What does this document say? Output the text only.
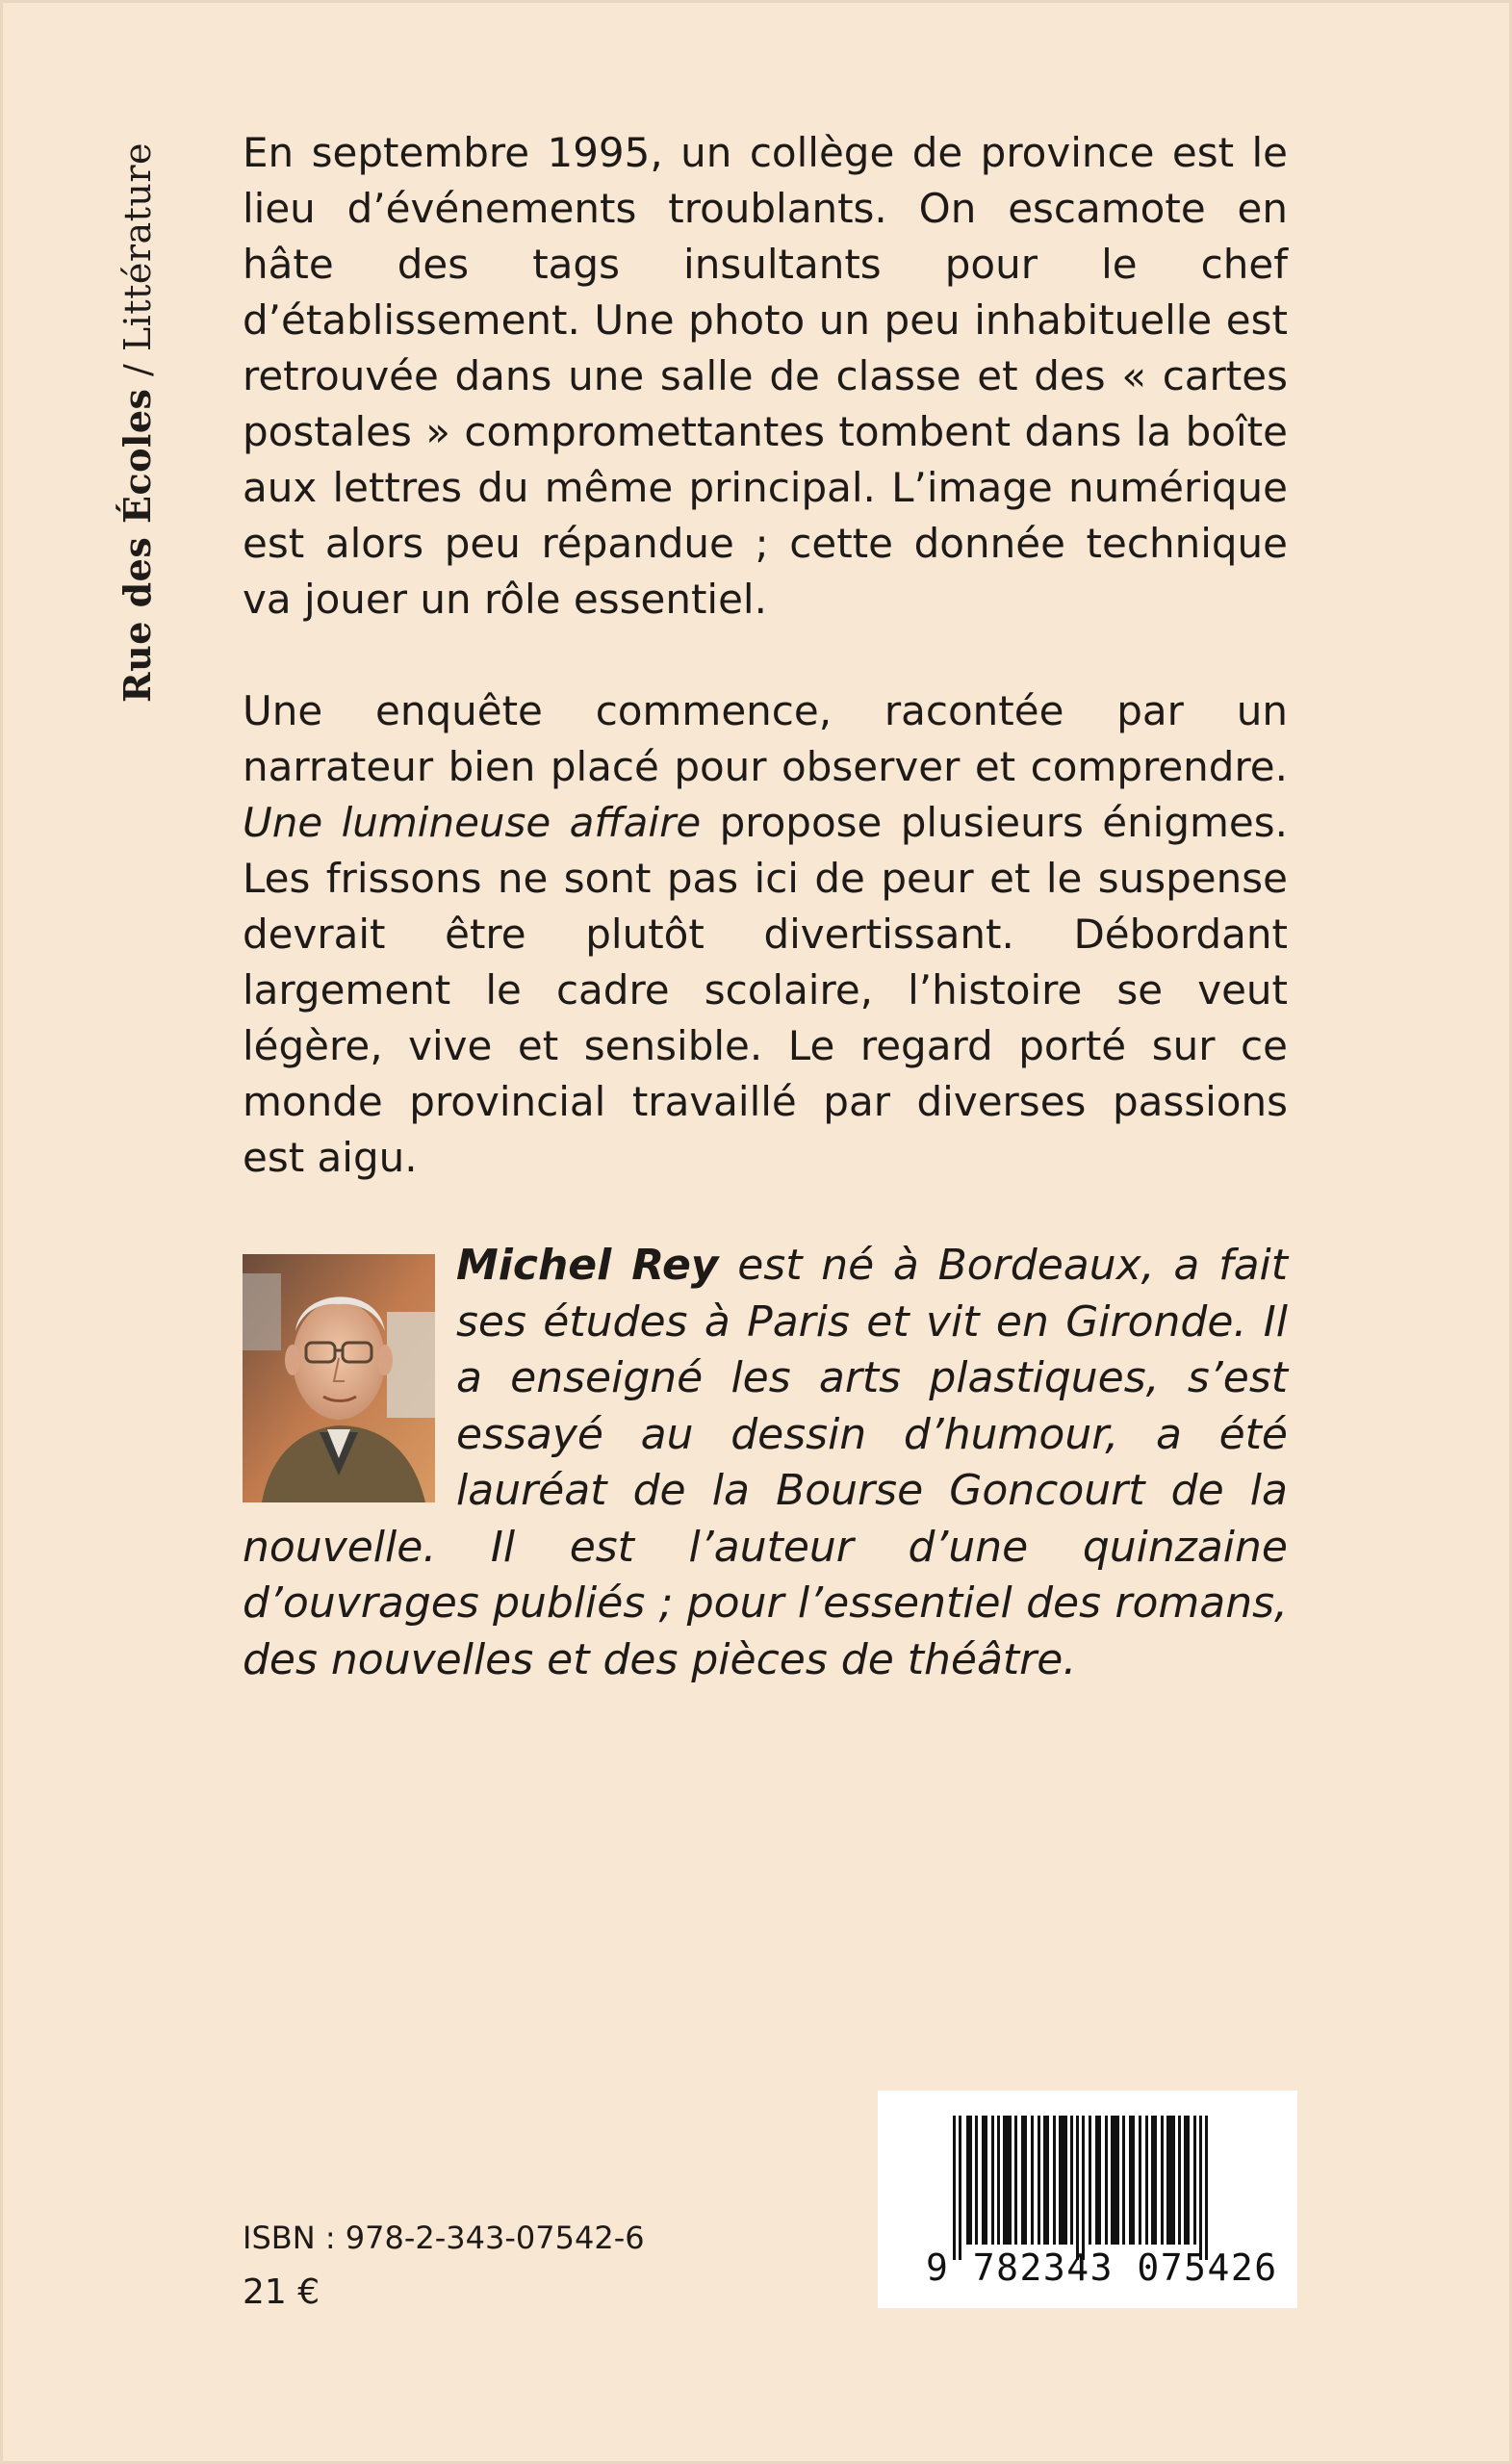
Rue des Écoles / Littérature En septembre 1995, un collège de province est le lieu d’événements troublants. On escamote en hâte des tags insultants pour le chef d’établissement. Une photo un peu inhabituelle est retrouvée dans une salle de classe et des « cartes postales » compromettantes tombent dans la boîte aux lettres du même principal. L’image numérique est alors peu répandue ; cette donnée technique va jouer un rôle essentiel.

Une enquête commence, racontée par un narrateur bien placé pour observer et comprendre. Une lumineuse affaire propose plusieurs énigmes. Les frissons ne sont pas ici de peur et le suspense devrait être plutôt divertissant. Débordant largement le cadre scolaire, l’histoire se veut légère, vive et sensible. Le regard porté sur ce monde provincial travaillé par diverses passions est aigu.

Michel Rey est né à Bordeaux, a fait ses études à Paris et vit en Gironde. Il a enseigné les arts plastiques, s’est essayé au dessin d’humour, a été lauréat de la Bourse Goncourt de la nouvelle. Il est l’auteur d’une quinzaine d’ouvrages publiés ; pour l’essentiel des romans, des nouvelles et des pièces de théâtre.

ISBN : 978-2-343-07542-6

21 €

9 782343 075426
